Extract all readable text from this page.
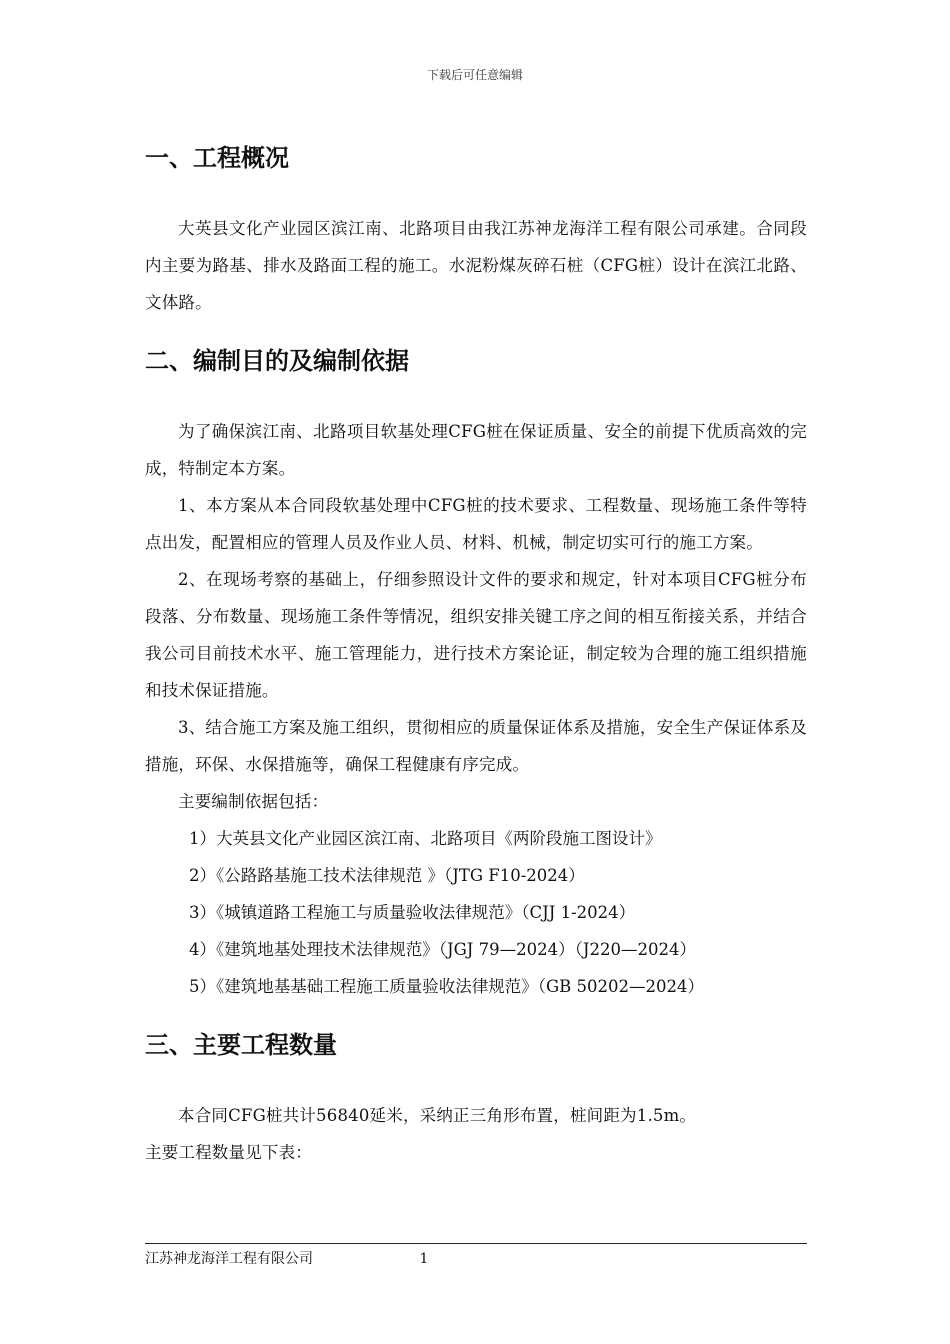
下载后可任意编辑
一、工程概况

大英县文化产业园区滨江南、北路项目由我江苏神龙海洋工程有限公司承建。合同段内主要为路基、排水及路面工程的施工。水泥粉煤灰碎石桩（CFG桩）设计在滨江北路、文体路。

二、编制目的及编制依据

为了确保滨江南、北路项目软基处理CFG桩在保证质量、安全的前提下优质高效的完成，特制定本方案。

1、本方案从本合同段软基处理中CFG桩的技术要求、工程数量、现场施工条件等特点出发，配置相应的管理人员及作业人员、材料、机械，制定切实可行的施工方案。

2、在现场考察的基础上，仔细参照设计文件的要求和规定，针对本项目CFG桩分布段落、分布数量、现场施工条件等情况，组织安排关键工序之间的相互衔接关系，并结合我公司目前技术水平、施工管理能力，进行技术方案论证，制定较为合理的施工组织措施和技术保证措施。

3、结合施工方案及施工组织，贯彻相应的质量保证体系及措施，安全生产保证体系及措施，环保、水保措施等，确保工程健康有序完成。

主要编制依据包括：

1）大英县文化产业园区滨江南、北路项目《两阶段施工图设计》
2）《公路路基施工技术法律规范 》（JTG F10-2024）
3）《城镇道路工程施工与质量验收法律规范》（CJJ 1-2024）
4）《建筑地基处理技术法律规范》（JGJ 79—2024）（J220—2024）
5）《建筑地基基础工程施工质量验收法律规范》（GB 50202—2024）
三、主要工程数量

本合同CFG桩共计56840延米，采纳正三角形布置，桩间距为1.5m。

主要工程数量见下表：

江苏神龙海洋工程有限公司	1
